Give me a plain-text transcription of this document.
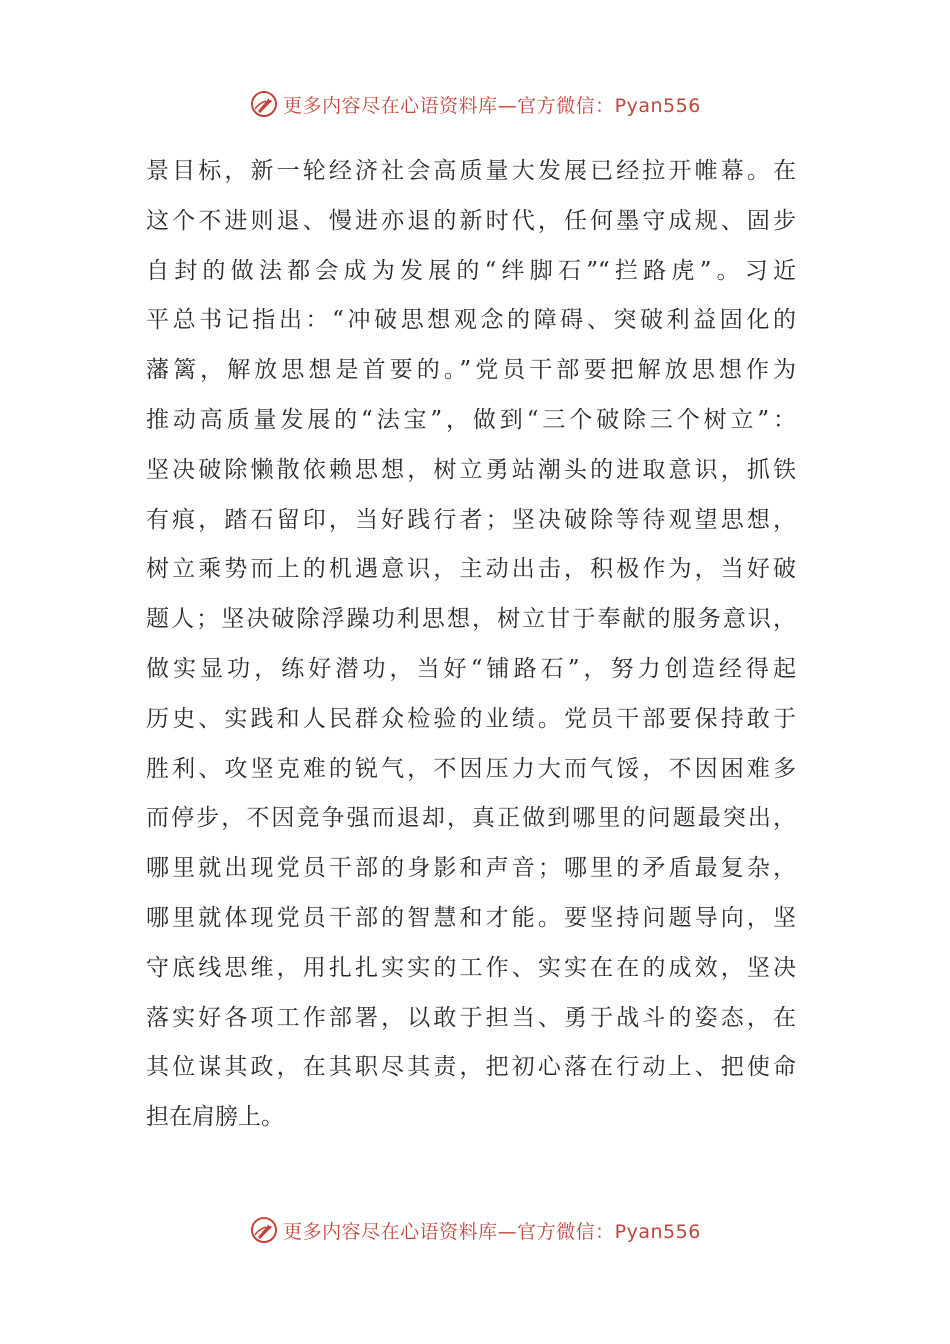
更多内容尽在心语资料库—官方微信：Pyan556
景目标，新一轮经济社会高质量大发展已经拉开帷幕。在
这个不进则退、慢进亦退的新时代，任何墨守成规、固步
自封的做法都会成为发展的“绊脚石”“拦路虎”。习近
平总书记指出：“冲破思想观念的障碍、突破利益固化的
藩篱，解放思想是首要的。”党员干部要把解放思想作为
推动高质量发展的“法宝”，做到“三个破除三个树立”：
坚决破除懒散依赖思想，树立勇站潮头的进取意识，抓铁
有痕，踏石留印，当好践行者；坚决破除等待观望思想，
树立乘势而上的机遇意识，主动出击，积极作为，当好破
题人；坚决破除浮躁功利思想，树立甘于奉献的服务意识，
做实显功，练好潜功，当好“铺路石”，努力创造经得起
历史、实践和人民群众检验的业绩。党员干部要保持敢于
胜利、攻坚克难的锐气，不因压力大而气馁，不因困难多
而停步，不因竞争强而退却，真正做到哪里的问题最突出，
哪里就出现党员干部的身影和声音；哪里的矛盾最复杂，
哪里就体现党员干部的智慧和才能。要坚持问题导向，坚
守底线思维，用扎扎实实的工作、实实在在的成效，坚决
落实好各项工作部署，以敢于担当、勇于战斗的姿态，在
其位谋其政，在其职尽其责，把初心落在行动上、把使命
担在肩膀上。
更多内容尽在心语资料库—官方微信：Pyan556
